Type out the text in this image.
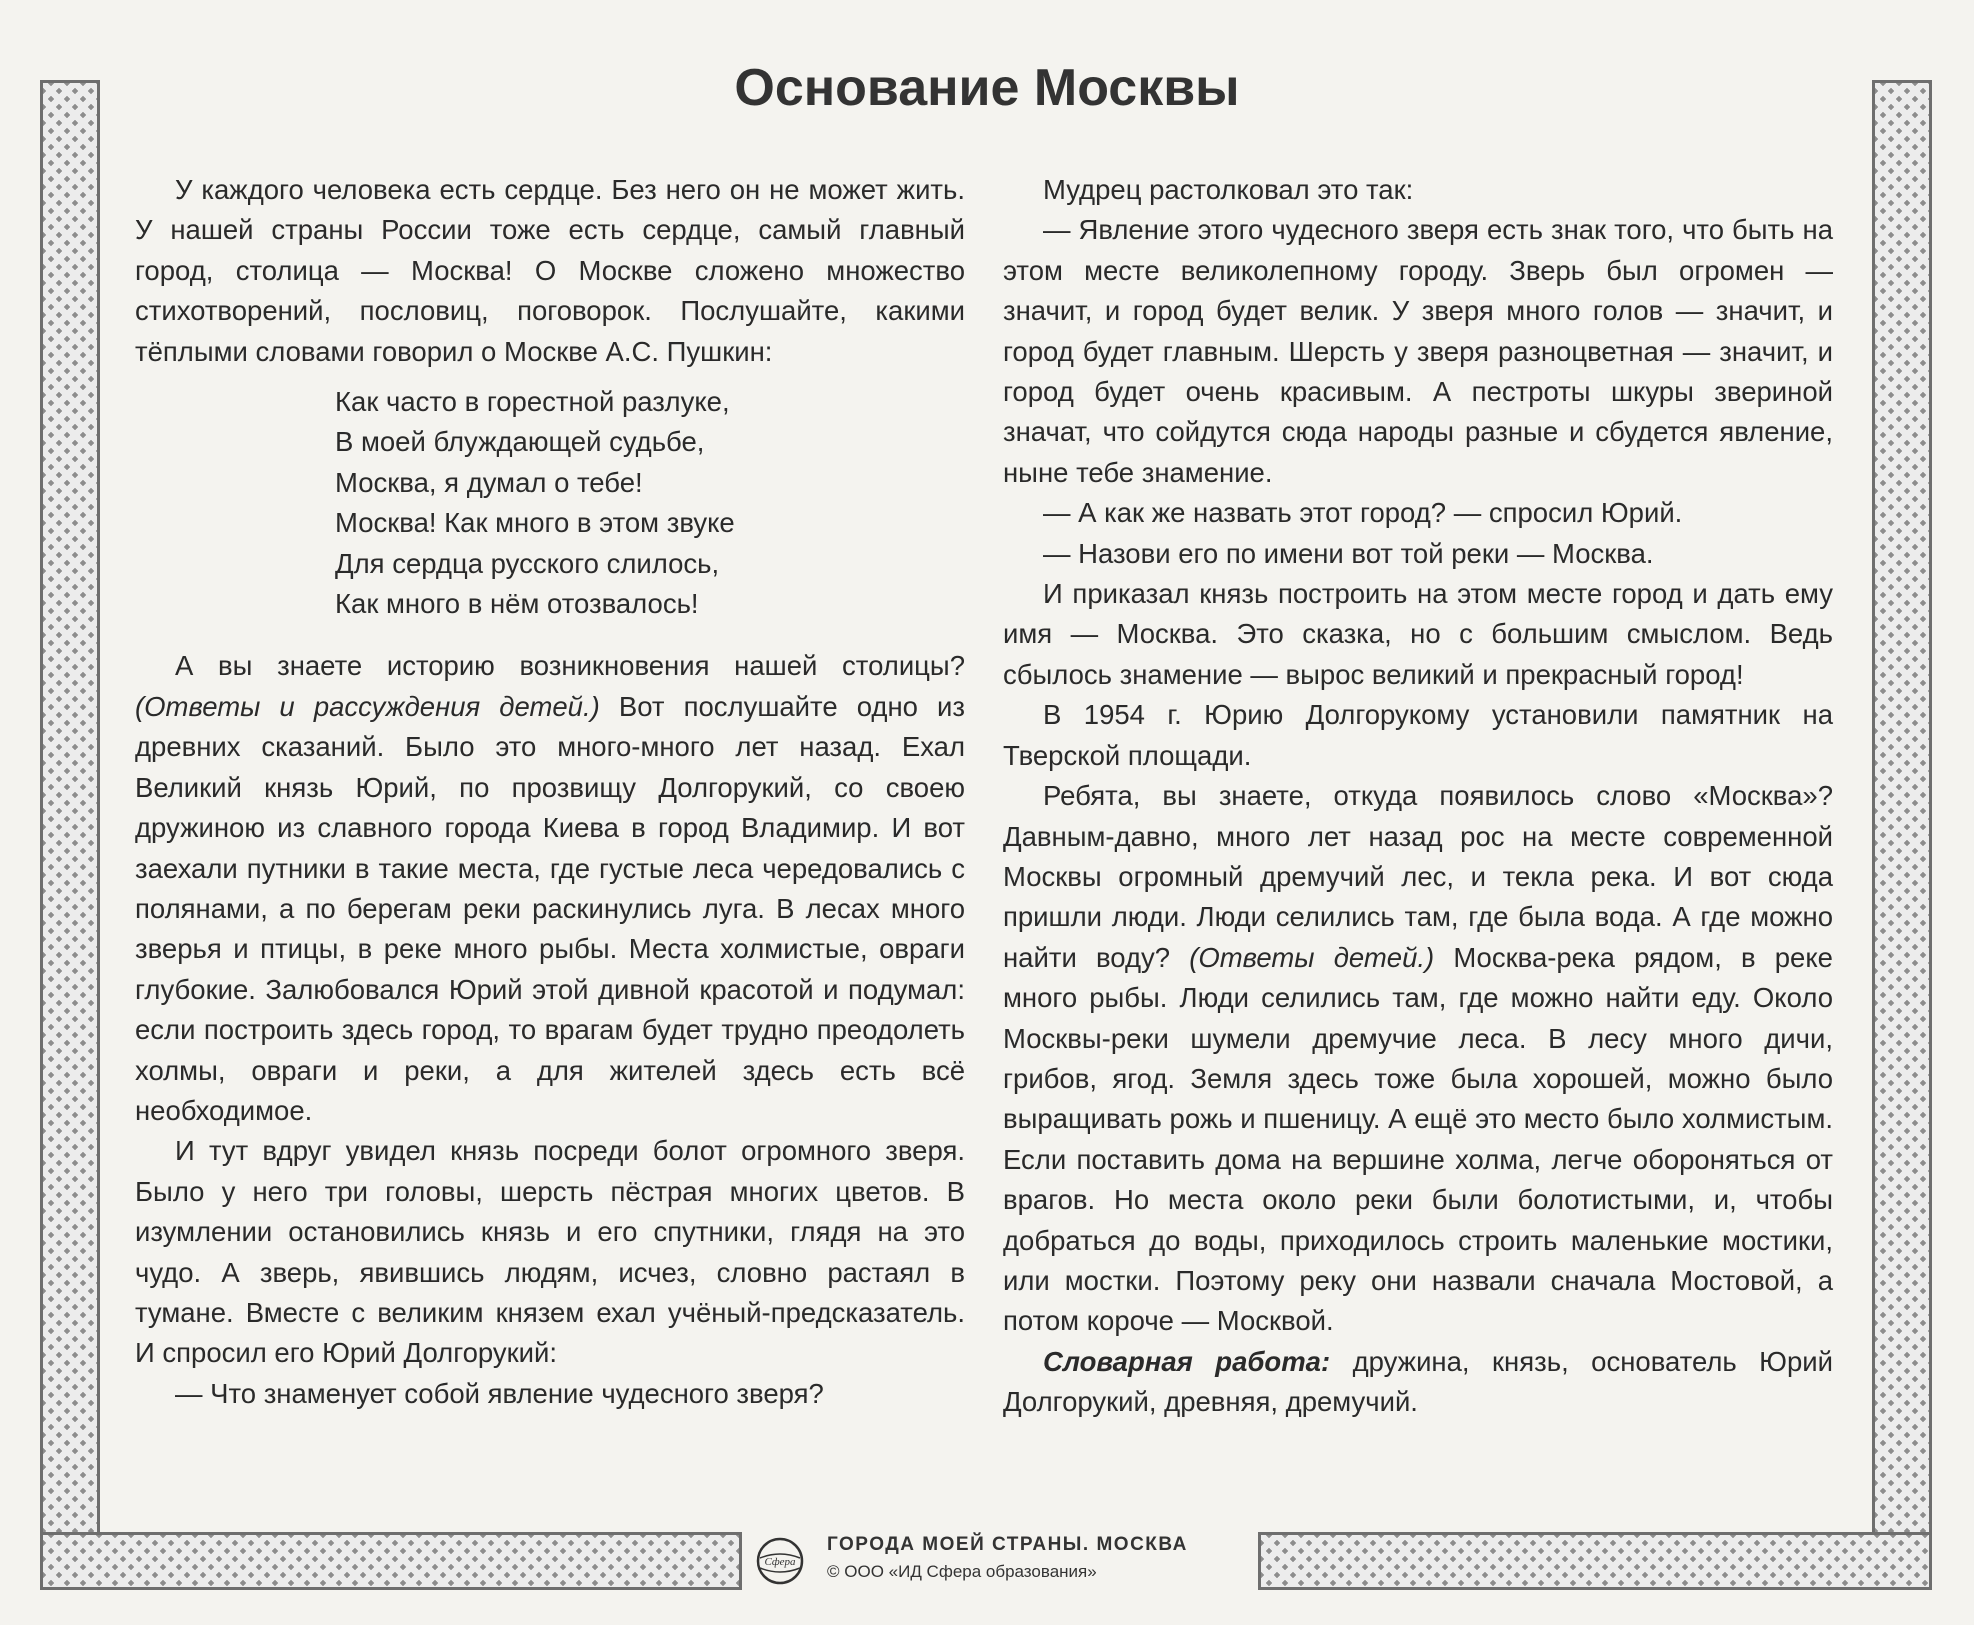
Основание Москвы

У каждого человека есть сердце. Без него он не может жить. У нашей страны России тоже есть сердце, самый главный город, столица — Москва! О Москве сложено множество стихотворений, пословиц, поговорок. Послушайте, какими тёплыми словами говорил о Москве А.С. Пушкин:

Как часто в горестной разлуке,
В моей блуждающей судьбе,
Москва, я думал о тебе!
Москва! Как много в этом звуке
Для сердца русского слилось,
Как много в нём отозвалось!

А вы знаете историю возникновения нашей столицы? (Ответы и рассуждения детей.) Вот послушайте одно из древних сказаний. Было это много-много лет назад. Ехал Великий князь Юрий, по прозвищу Долгорукий, со своею дружиною из славного города Киева в город Владимир. И вот заехали путники в такие места, где густые леса чередовались с полянами, а по берегам реки раскинулись луга. В лесах много зверья и птицы, в реке много рыбы. Места холмистые, овраги глубокие. Залюбовался Юрий этой дивной красотой и подумал: если построить здесь город, то врагам будет трудно преодолеть холмы, овраги и реки, а для жителей здесь есть всё необходимое.

И тут вдруг увидел князь посреди болот огромного зверя. Было у него три головы, шерсть пёстрая многих цветов. В изумлении остановились князь и его спутники, глядя на это чудо. А зверь, явившись людям, исчез, словно растаял в тумане. Вместе с великим князем ехал учёный-предсказатель. И спросил его Юрий Долгорукий:

— Что знаменует собой явление чудесного зверя?

Мудрец растолковал это так:

— Явление этого чудесного зверя есть знак того, что быть на этом месте великолепному городу. Зверь был огромен — значит, и город будет велик. У зверя много голов — значит, и город будет главным. Шерсть у зверя разноцветная — значит, и город будет очень красивым. А пестроты шкуры звериной значат, что сойдутся сюда народы разные и сбудется явление, ныне тебе знамение.

— А как же назвать этот город? — спросил Юрий.

— Назови его по имени вот той реки — Москва.

И приказал князь построить на этом месте город и дать ему имя — Москва. Это сказка, но с большим смыслом. Ведь сбылось знамение — вырос великий и прекрасный город!

В 1954 г. Юрию Долгорукому установили памятник на Тверской площади.

Ребята, вы знаете, откуда появилось слово «Москва»? Давным-давно, много лет назад рос на месте современной Москвы огромный дремучий лес, и текла река. И вот сюда пришли люди. Люди селились там, где была вода. А где можно найти воду? (Ответы детей.) Москва-река рядом, в реке много рыбы. Люди селились там, где можно найти еду. Около Москвы-реки шумели дремучие леса. В лесу много дичи, грибов, ягод. Земля здесь тоже была хорошей, можно было выращивать рожь и пшеницу. А ещё это место было холмистым. Если поставить дома на вершине холма, легче обороняться от врагов. Но места около реки были болотистыми, и, чтобы добраться до воды, приходилось строить маленькие мостики, или мостки. Поэтому реку они назвали сначала Мостовой, а потом короче — Москвой.

Словарная работа: дружина, князь, основатель Юрий Долгорукий, древняя, дремучий.

Сфера
ГОРОДА МОЕЙ СТРАНЫ. МОСКВА
© ООО «ИД Сфера образования»
